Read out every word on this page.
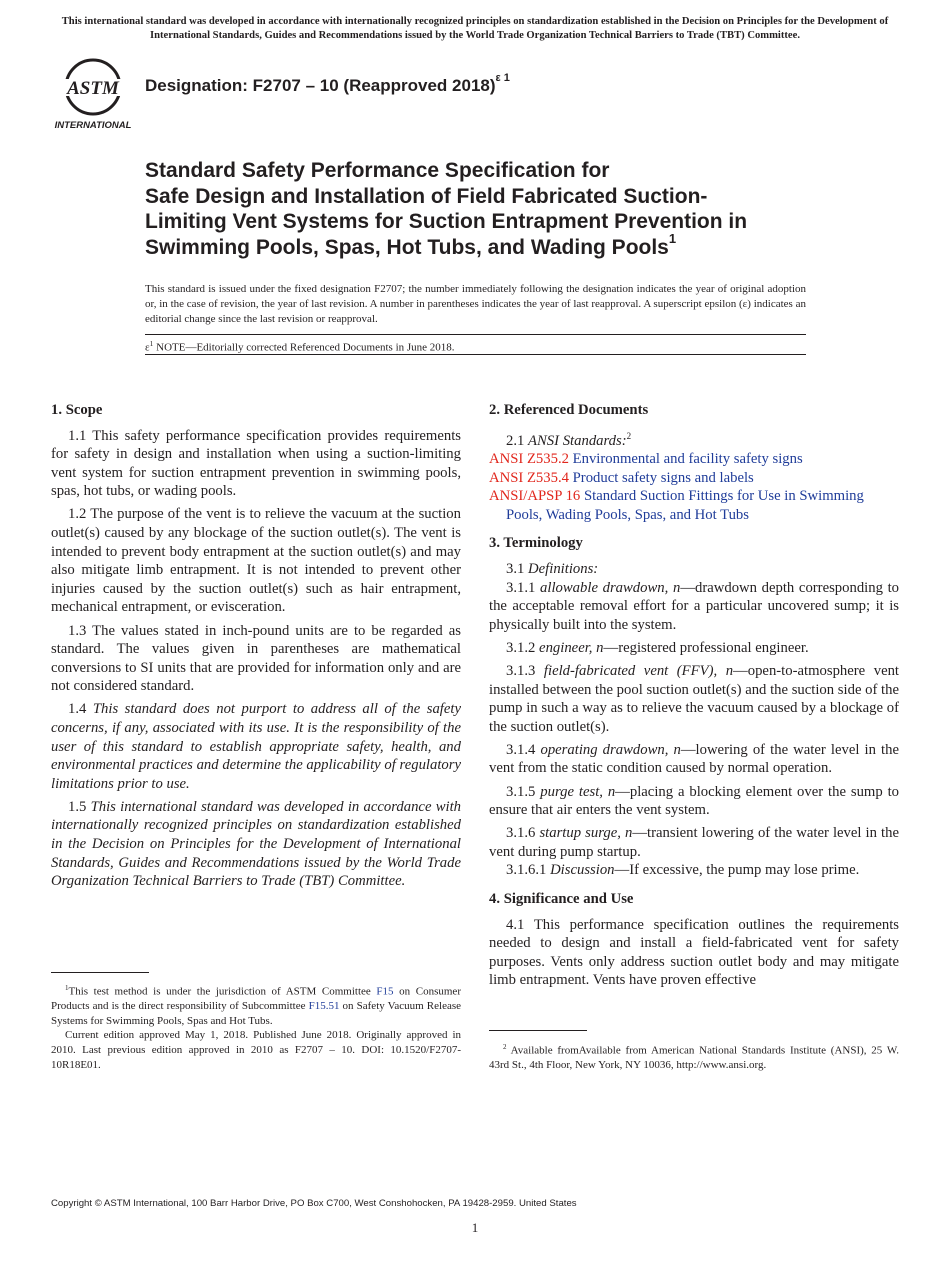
This international standard was developed in accordance with internationally recognized principles on standardization established in the Decision on Principles for the Development of International Standards, Guides and Recommendations issued by the World Trade Organization Technical Barriers to Trade (TBT) Committee.
ASTM
INTERNATIONAL
Designation: F2707 – 10 (Reapproved 2018)$^{\varepsilon 1}$
Standard Safety Performance Specification for
Safe Design and Installation of Field Fabricated Suction-
Limiting Vent Systems for Suction Entrapment Prevention in
Swimming Pools, Spas, Hot Tubs, and Wading Pools$^1$
This standard is issued under the fixed designation F2707; the number immediately following the designation indicates the year of original adoption or, in the case of revision, the year of last revision. A number in parentheses indicates the year of last reapproval. A superscript epsilon (ε) indicates an editorial change since the last revision or reapproval.
$\varepsilon^1$ NOTE—Editorially corrected Referenced Documents in June 2018.
1. Scope

1.1 This safety performance specification provides requirements for safety in design and installation when using a suction-limiting vent system for suction entrapment prevention in swimming pools, spas, hot tubs, or wading pools.

1.2 The purpose of the vent is to relieve the vacuum at the suction outlet(s) caused by any blockage of the suction outlet(s). The vent is intended to prevent body entrapment at the suction outlet(s) and may also mitigate limb entrapment. It is not intended to prevent other injuries caused by the suction outlet(s) such as hair entrapment, mechanical entrapment, or evisceration.

1.3 The values stated in inch-pound units are to be regarded as standard. The values given in parentheses are mathematical conversions to SI units that are provided for information only and are not considered standard.

1.4 This standard does not purport to address all of the safety concerns, if any, associated with its use. It is the responsibility of the user of this standard to establish appropriate safety, health, and environmental practices and determine the applicability of regulatory limitations prior to use.

1.5 This international standard was developed in accordance with internationally recognized principles on standardization established in the Decision on Principles for the Development of International Standards, Guides and Recommendations issued by the World Trade Organization Technical Barriers to Trade (TBT) Committee.

2. Referenced Documents

2.1 ANSI Standards:$^2$

ANSI Z535.2 Environmental and facility safety signs

ANSI Z535.4 Product safety signs and labels

ANSI/APSP 16 Standard Suction Fittings for Use in Swimming Pools, Wading Pools, Spas, and Hot Tubs

3. Terminology

3.1 Definitions:

3.1.1 allowable drawdown, n—drawdown depth corresponding to the acceptable removal effort for a particular uncovered sump; it is physically built into the system.

3.1.2 engineer, n—registered professional engineer.

3.1.3 field-fabricated vent (FFV), n—open-to-atmosphere vent installed between the pool suction outlet(s) and the suction side of the pump in such a way as to relieve the vacuum caused by a blockage of the suction outlet(s).

3.1.4 operating drawdown, n—lowering of the water level in the vent from the static condition caused by normal operation.

3.1.5 purge test, n—placing a blocking element over the sump to ensure that air enters the vent system.

3.1.6 startup surge, n—transient lowering of the water level in the vent during pump startup.

3.1.6.1 Discussion—If excessive, the pump may lose prime.

4. Significance and Use

4.1 This performance specification outlines the requirements needed to design and install a field-fabricated vent for safety purposes. Vents only address suction outlet body and may mitigate limb entrapment. Vents have proven effective

$^1$This test method is under the jurisdiction of ASTM Committee F15 on Consumer Products and is the direct responsibility of Subcommittee F15.51 on Safety Vacuum Release Systems for Swimming Pools, Spas and Hot Tubs.

Current edition approved May 1, 2018. Published June 2018. Originally approved in 2010. Last previous edition approved in 2010 as F2707 – 10. DOI: 10.1520/F2707-10R18E01.

$^2$ Available fromAvailable from American National Standards Institute (ANSI), 25 W. 43rd St., 4th Floor, New York, NY 10036, http://www.ansi.org.

Copyright © ASTM International, 100 Barr Harbor Drive, PO Box C700, West Conshohocken, PA 19428-2959. United States
1
